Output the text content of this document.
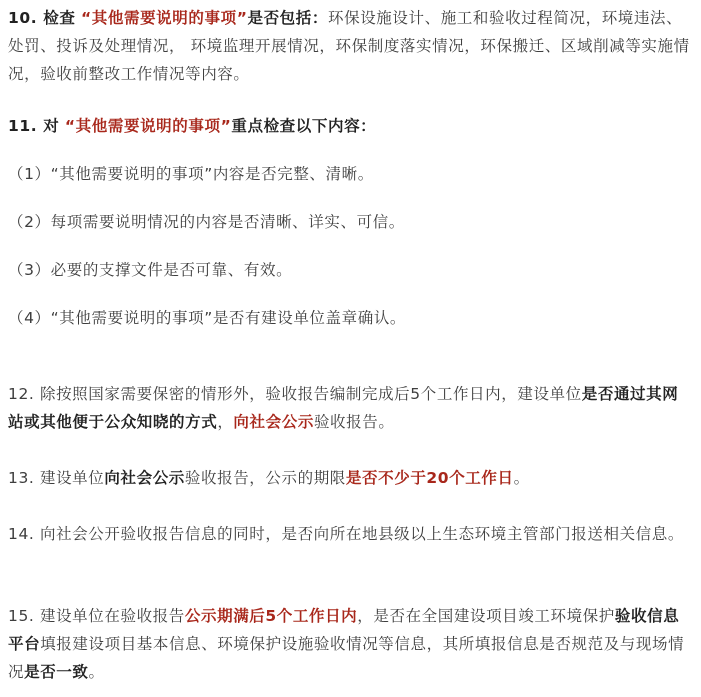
10. 检查 “其他需要说明的事项”是否包括：环保设施设计、施工和验收过程简况，环境违法、处罚、投诉及处理情况， 环境监理开展情况，环保制度落实情况，环保搬迁、区域削减等实施情况，验收前整改工作情况等内容。

11. 对 “其他需要说明的事项”重点检查以下内容：

（1）“其他需要说明的事项”内容是否完整、清晰。

（2）每项需要说明情况的内容是否清晰、详实、可信。

（3）必要的支撑文件是否可靠、有效。

（4）“其他需要说明的事项”是否有建设单位盖章确认。

12. 除按照国家需要保密的情形外，验收报告编制完成后5个工作日内，建设单位是否通过其网站或其他便于公众知晓的方式，向社会公示验收报告。

13. 建设单位向社会公示验收报告，公示的期限是否不少于20个工作日。

14. 向社会公开验收报告信息的同时，是否向所在地县级以上生态环境主管部门报送相关信息。

15. 建设单位在验收报告公示期满后5个工作日内，是否在全国建设项目竣工环境保护验收信息平台填报建设项目基本信息、环境保护设施验收情况等信息，其所填报信息是否规范及与现场情况是否一致。
